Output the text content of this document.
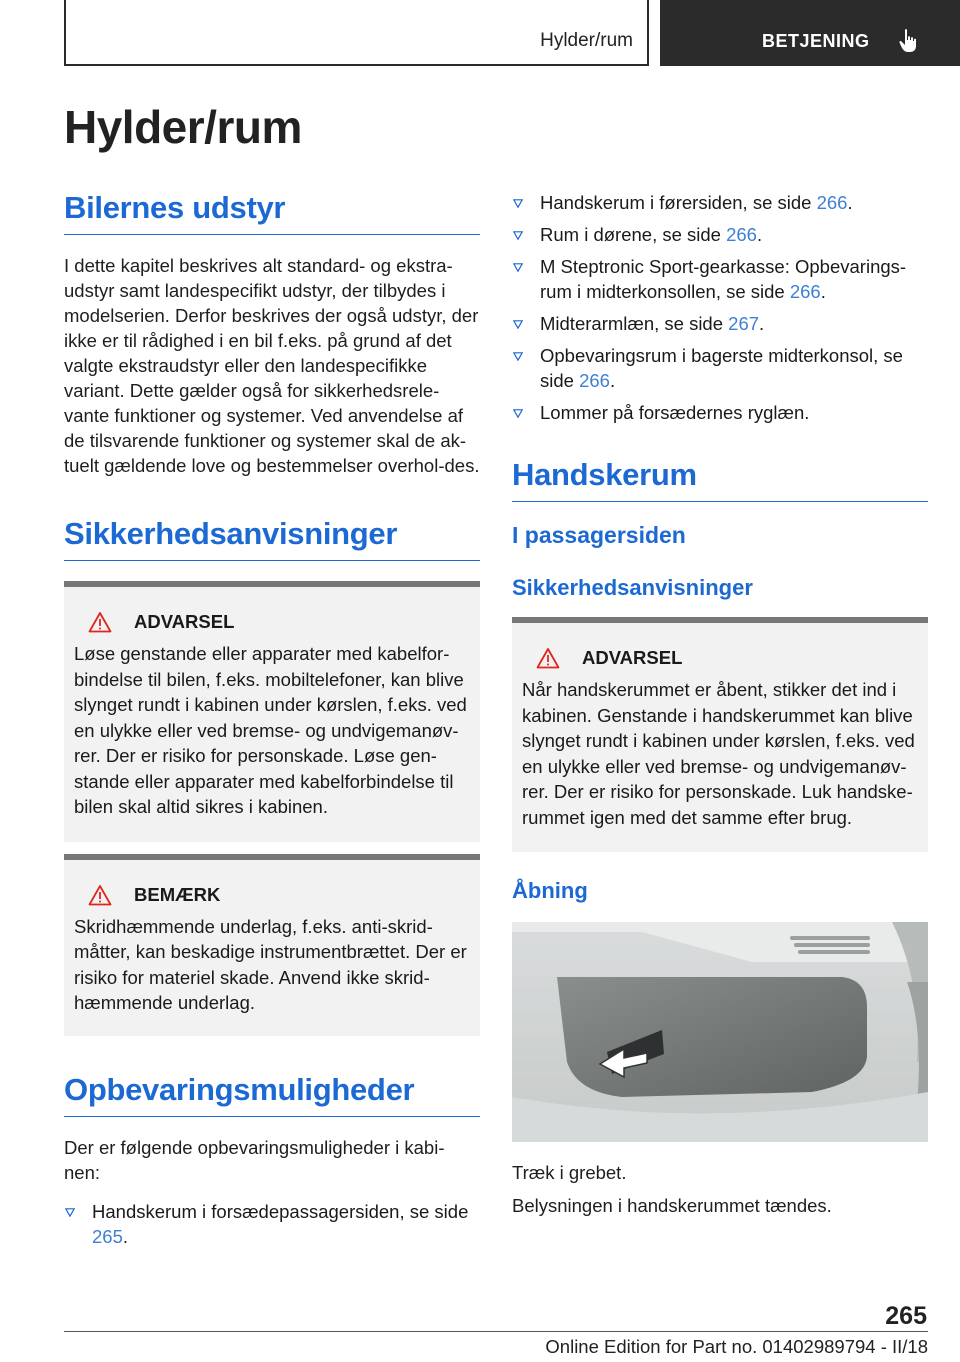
Hylder/rum	BETJENING
Hylder/rum
Bilernes udstyr

I dette kapitel beskrives alt standard- og ekstra-udstyr samt landespecifikt udstyr, der tilbydes i modelserien. Derfor beskrives der også udstyr, der ikke er til rådighed i en bil f.eks. på grund af det valgte ekstraudstyr eller den landespecifikke variant. Dette gælder også for sikkerhedsrele-vante funktioner og systemer. Ved anvendelse af de tilsvarende funktioner og systemer skal de ak-tuelt gældende love og bestemmelser overhol-des.

Sikkerhedsanvisninger
ADVARSEL

Løse genstande eller apparater med kabelfor-bindelse til bilen, f.eks. mobiltelefoner, kan blive slynget rundt i kabinen under kørslen, f.eks. ved en ulykke eller ved bremse- og undvigemanøv-rer. Der er risiko for personskade. Løse gen-stande eller apparater med kabelforbindelse til bilen skal altid sikres i kabinen.

BEMÆRK

Skridhæmmende underlag, f.eks. anti-skrid-måtter, kan beskadige instrumentbrættet. Der er risiko for materiel skade. Anvend ikke skrid-hæmmende underlag.

Opbevaringsmuligheder

Der er følgende opbevaringsmuligheder i kabi-nen:

Handskerum i forsædepassagersiden, se side 265.
Handskerum i førersiden, se side 266.
Rum i dørene, se side 266.
M Steptronic Sport-gearkasse: Opbevarings-rum i midterkonsollen, se side 266.
Midterarmlæn, se side 267.
Opbevaringsrum i bagerste midterkonsol, se side 266.
Lommer på forsædernes ryglæn.
Handskerum
I passagersiden
Sikkerhedsanvisninger
ADVARSEL

Når handskerummet er åbent, stikker det ind i kabinen. Genstande i handskerummet kan blive slynget rundt i kabinen under kørslen, f.eks. ved en ulykke eller ved bremse- og undvigemanøv-rer. Der er risiko for personskade. Luk handske-rummet igen med det samme efter brug.

Åbning

Træk i grebet.

Belysningen i handskerummet tændes.

265
Online Edition for Part no. 01402989794 - II/18
